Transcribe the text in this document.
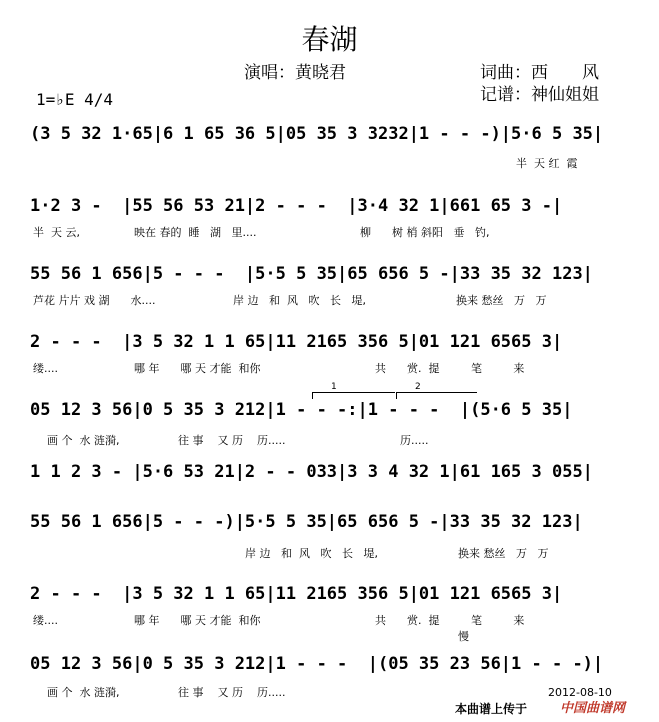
春湖
演唱：黄晓君	词曲：西　　风
记谱：神仙姐姐
1=♭E 4/4
(3 5 32 1·65|6 1 65 36 5|05 35 3 3232|1 - - -)|5·6 5 35|
1·2 3 -  |55 56 53 21|2 - - -  |3·4 32 1|661 65 3 -|
55 56 1 656|5 - - -  |5·5 5 35|65 656 5 -|33 35 32 123|
2 - - -  |3 5 32 1 1 65|11 2165 356 5|01 121 6565 3|
05 12 3 56|0 5 35 3 212|1 - - -:|1 - - -  |(5·6 5 35|
1 1 2 3 - |5·6 53 21|2 - - 033|3 3 4 32 1|61 165 3 055|
55 56 1 656|5 - - -)|5·5 5 35|65 656 5 -|33 35 32 123|
2 - - -  |3 5 32 1 1 65|11 2165 356 5|01 121 6565 3|
05 12 3 56|0 5 35 3 212|1 - - -  |(05 35 23 56|1 - - -)|
1	2
半  天 红  霞
半  天 云,	映在 春的  睡   湖   里....	柳      树 梢 斜阳   垂   钓,
芦花 片片 戏 湖      水....	岸 边   和  风   吹   长   堤,	换来 愁丝   万   万
缕....	哪 年      哪 天 才能  和你	共      赏.  提         笔         来
画 个  水 涟漪,	往 事    又 历    历.....	历.....
岸 边   和  风   吹   长   堤,	换来 愁丝   万   万
缕....	哪 年      哪 天 才能  和你	共      赏.  提         笔         来
慢
画 个  水 涟漪,	往 事    又 历    历.....	2012-08-10
本曲谱上传于	中国曲谱网
